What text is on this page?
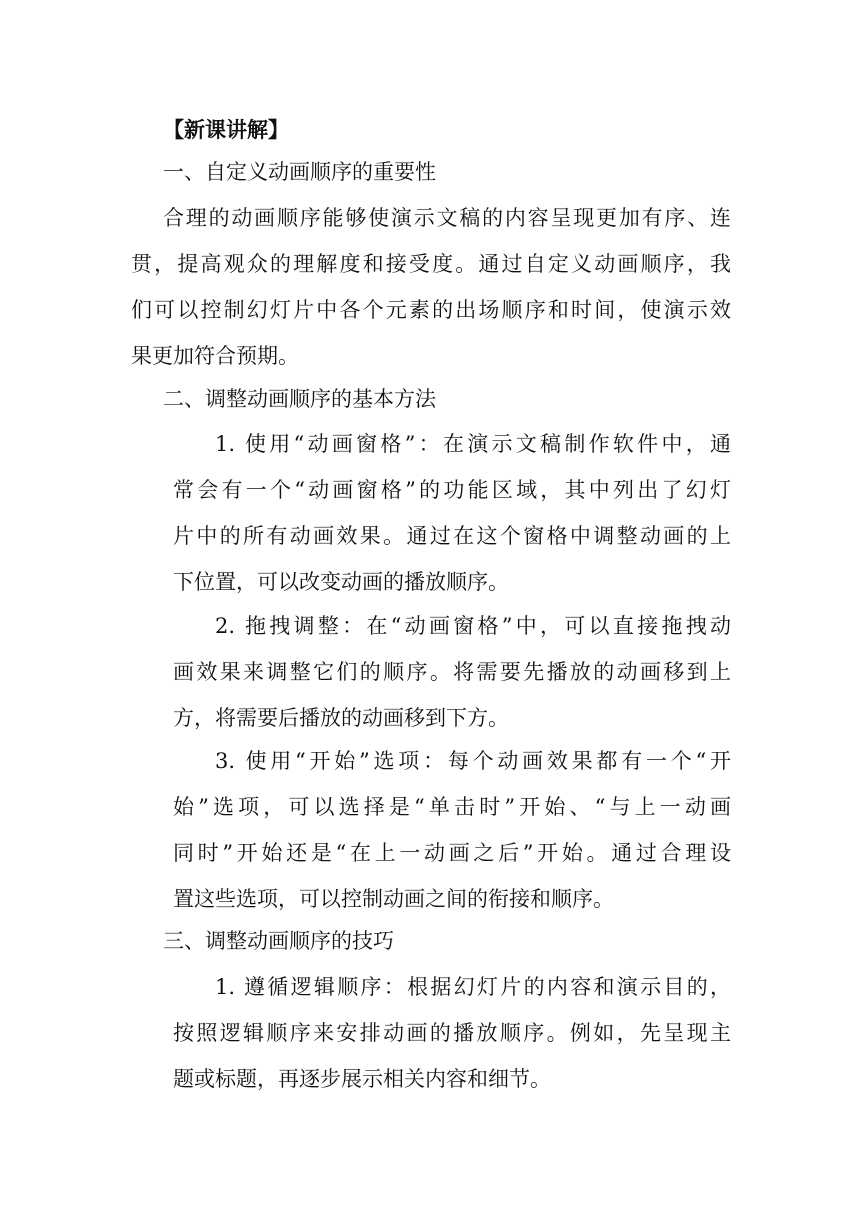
【新课讲解】
一、自定义动画顺序的重要性
合理的动画顺序能够使演示文稿的内容呈现更加有序、连
贯，提高观众的理解度和接受度。通过自定义动画顺序，我
们可以控制幻灯片中各个元素的出场顺序和时间，使演示效
果更加符合预期。
二、调整动画顺序的基本方法
1. 使用“动画窗格”：在演示文稿制作软件中，通
常会有一个“动画窗格”的功能区域，其中列出了幻灯
片中的所有动画效果。通过在这个窗格中调整动画的上
下位置，可以改变动画的播放顺序。
2. 拖拽调整：在“动画窗格”中，可以直接拖拽动
画效果来调整它们的顺序。将需要先播放的动画移到上
方，将需要后播放的动画移到下方。
3. 使用“开始”选项：每个动画效果都有一个“开
始”选项，可以选择是“单击时”开始、“与上一动画
同时”开始还是“在上一动画之后”开始。通过合理设
置这些选项，可以控制动画之间的衔接和顺序。
三、调整动画顺序的技巧
1. 遵循逻辑顺序：根据幻灯片的内容和演示目的，
按照逻辑顺序来安排动画的播放顺序。例如，先呈现主
题或标题，再逐步展示相关内容和细节。
